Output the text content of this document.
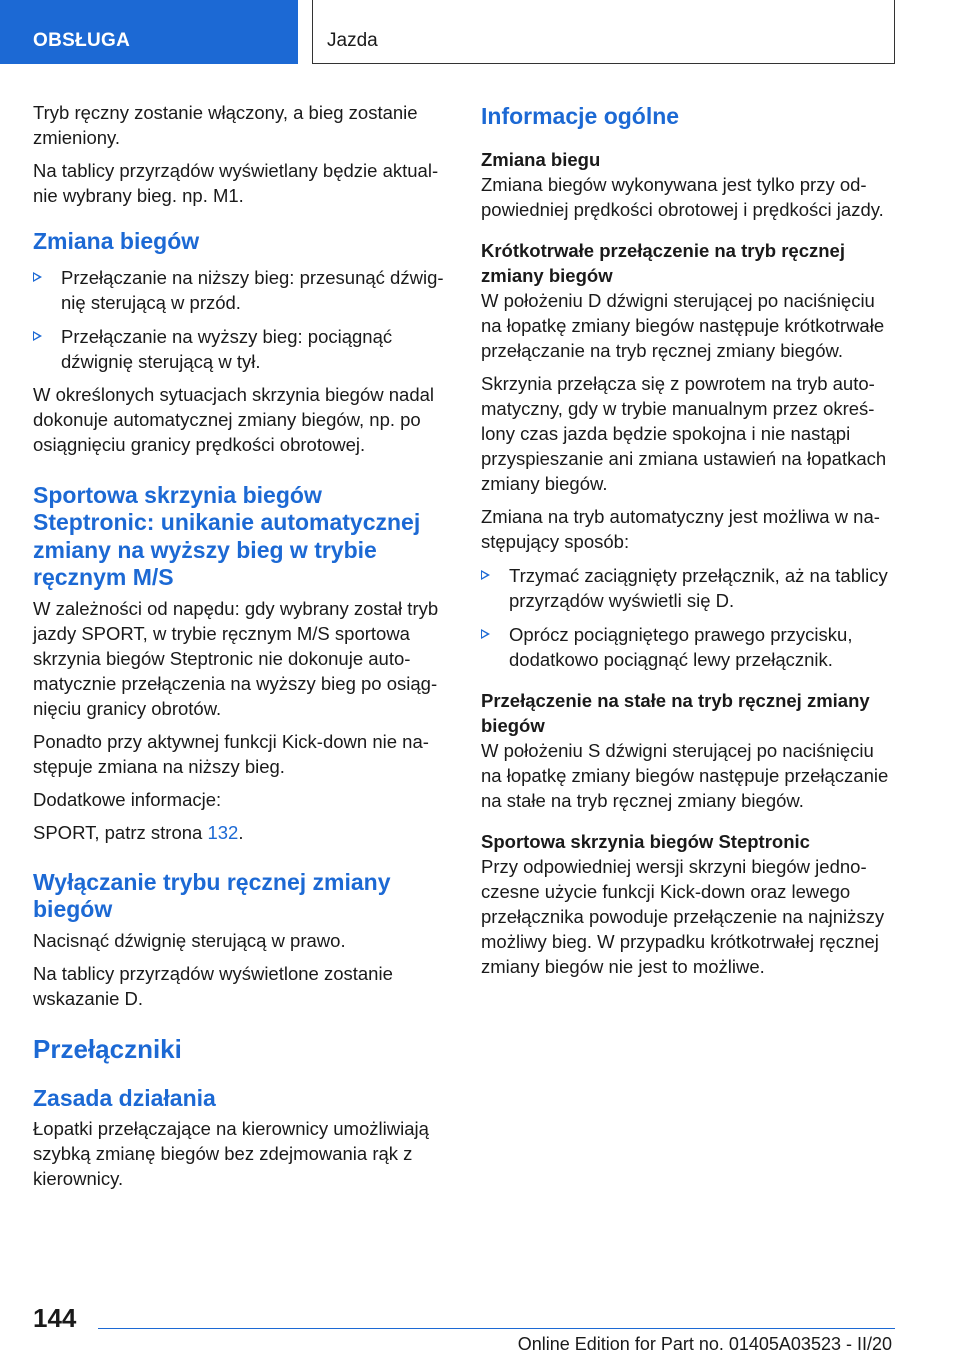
OBSŁUGA	Jazda

Tryb ręczny zostanie włączony, a bieg zostanie zmieniony.

Na tablicy przyrządów wyświetlany będzie aktualnie wybrany bieg. np. M1.

Zmiana biegów
Przełączanie na niższy bieg: przesunąć dźwignię sterującą w przód.
Przełączanie na wyższy bieg: pociągnąć dźwignię sterującą w tył.

W określonych sytuacjach skrzynia biegów nadal dokonuje automatycznej zmiany biegów, np. po osiągnięciu granicy prędkości obrotowej.

Sportowa skrzynia biegów Steptronic: unikanie automatycznej zmiany na wyższy bieg w trybie ręcznym M/S

W zależności od napędu: gdy wybrany został tryb jazdy SPORT, w trybie ręcznym M/S sportowa skrzynia biegów Steptronic nie dokonuje automatycznie przełączenia na wyższy bieg po osiągnięciu granicy obrotów.

Ponadto przy aktywnej funkcji Kick-down nie następuje zmiana na niższy bieg.

Dodatkowe informacje:

SPORT, patrz strona 132.

Wyłączanie trybu ręcznej zmiany biegów

Nacisnąć dźwignię sterującą w prawo.

Na tablicy przyrządów wyświetlone zostanie wskazanie D.

Przełączniki
Zasada działania

Łopatki przełączające na kierownicy umożliwiają szybką zmianę biegów bez zdejmowania rąk z kierownicy.

Informacje ogólne
Zmiana biegu

Zmiana biegów wykonywana jest tylko przy odpowiedniej prędkości obrotowej i prędkości jazdy.

Krótkotrwałe przełączenie na tryb ręcznej zmiany biegów

W położeniu D dźwigni sterującej po naciśnięciu na łopatkę zmiany biegów następuje krótkotrwałe przełączanie na tryb ręcznej zmiany biegów.

Skrzynia przełącza się z powrotem na tryb automatyczny, gdy w trybie manualnym przez określony czas jazda będzie spokojna i nie nastąpi przyspieszanie ani zmiana ustawień na łopatkach zmiany biegów.

Zmiana na tryb automatyczny jest możliwa w następujący sposób:

Trzymać zaciągnięty przełącznik, aż na tablicy przyrządów wyświetli się D.
Oprócz pociągniętego prawego przycisku, dodatkowo pociągnąć lewy przełącznik.
Przełączenie na stałe na tryb ręcznej zmiany biegów

W położeniu S dźwigni sterującej po naciśnięciu na łopatkę zmiany biegów następuje przełączanie na stałe na tryb ręcznej zmiany biegów.

Sportowa skrzynia biegów Steptronic

Przy odpowiedniej wersji skrzyni biegów jednoczesne użycie funkcji Kick-down oraz lewego przełącznika powoduje przełączenie na najniższy możliwy bieg. W przypadku krótkotrwałej ręcznej zmiany biegów nie jest to możliwe.

144
Online Edition for Part no. 01405A03523 - II/20
